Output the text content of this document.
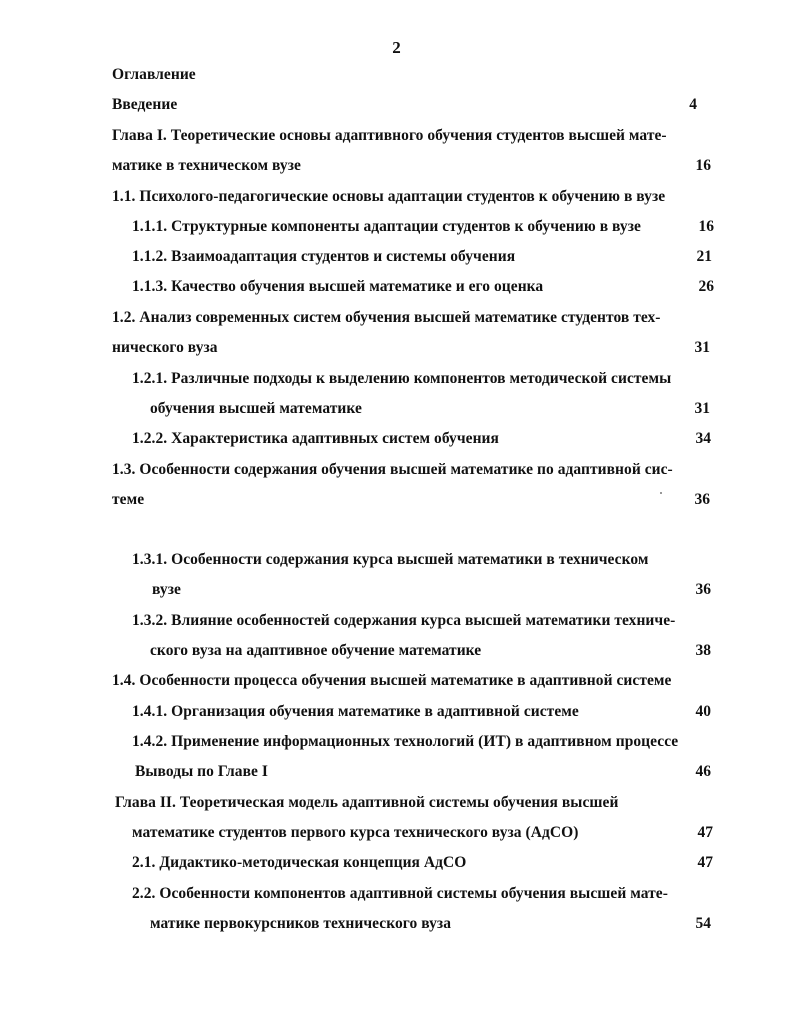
2
Оглавление
Введение	4
Глава I. Теоретические основы адаптивного обучения студентов высшей мате-
матике в техническом вузе	16
1.1. Психолого-педагогические основы адаптации студентов к обучению в вузе
1.1.1. Структурные компоненты адаптации студентов к обучению в вузе	16
1.1.2. Взаимоадаптация студентов и системы обучения	21
1.1.3. Качество обучения высшей математике и его оценка	26
1.2. Анализ современных систем обучения высшей математике студентов тех-
нического вуза	31
1.2.1. Различные подходы к выделению компонентов методической системы
обучения высшей математике	31
1.2.2. Характеристика адаптивных систем обучения	34
1.3. Особенности содержания обучения высшей математике по адаптивной сис-
теме	36
1.3.1. Особенности содержания курса высшей математики в техническом
вузе	36
1.3.2. Влияние особенностей содержания курса высшей математики техниче-
ского вуза на адаптивное обучение математике	38
1.4. Особенности процесса обучения высшей математике в адаптивной системе
1.4.1. Организация обучения математике в адаптивной системе	40
1.4.2. Применение информационных технологий (ИТ) в адаптивном процессе
Выводы по Главе I	46
Глава II. Теоретическая модель адаптивной системы обучения высшей
математике студентов первого курса технического вуза (АдСО)	47
2.1. Дидактико-методическая концепция АдСО	47
2.2. Особенности компонентов адаптивной системы обучения высшей мате-
матике первокурсников технического вуза	54
